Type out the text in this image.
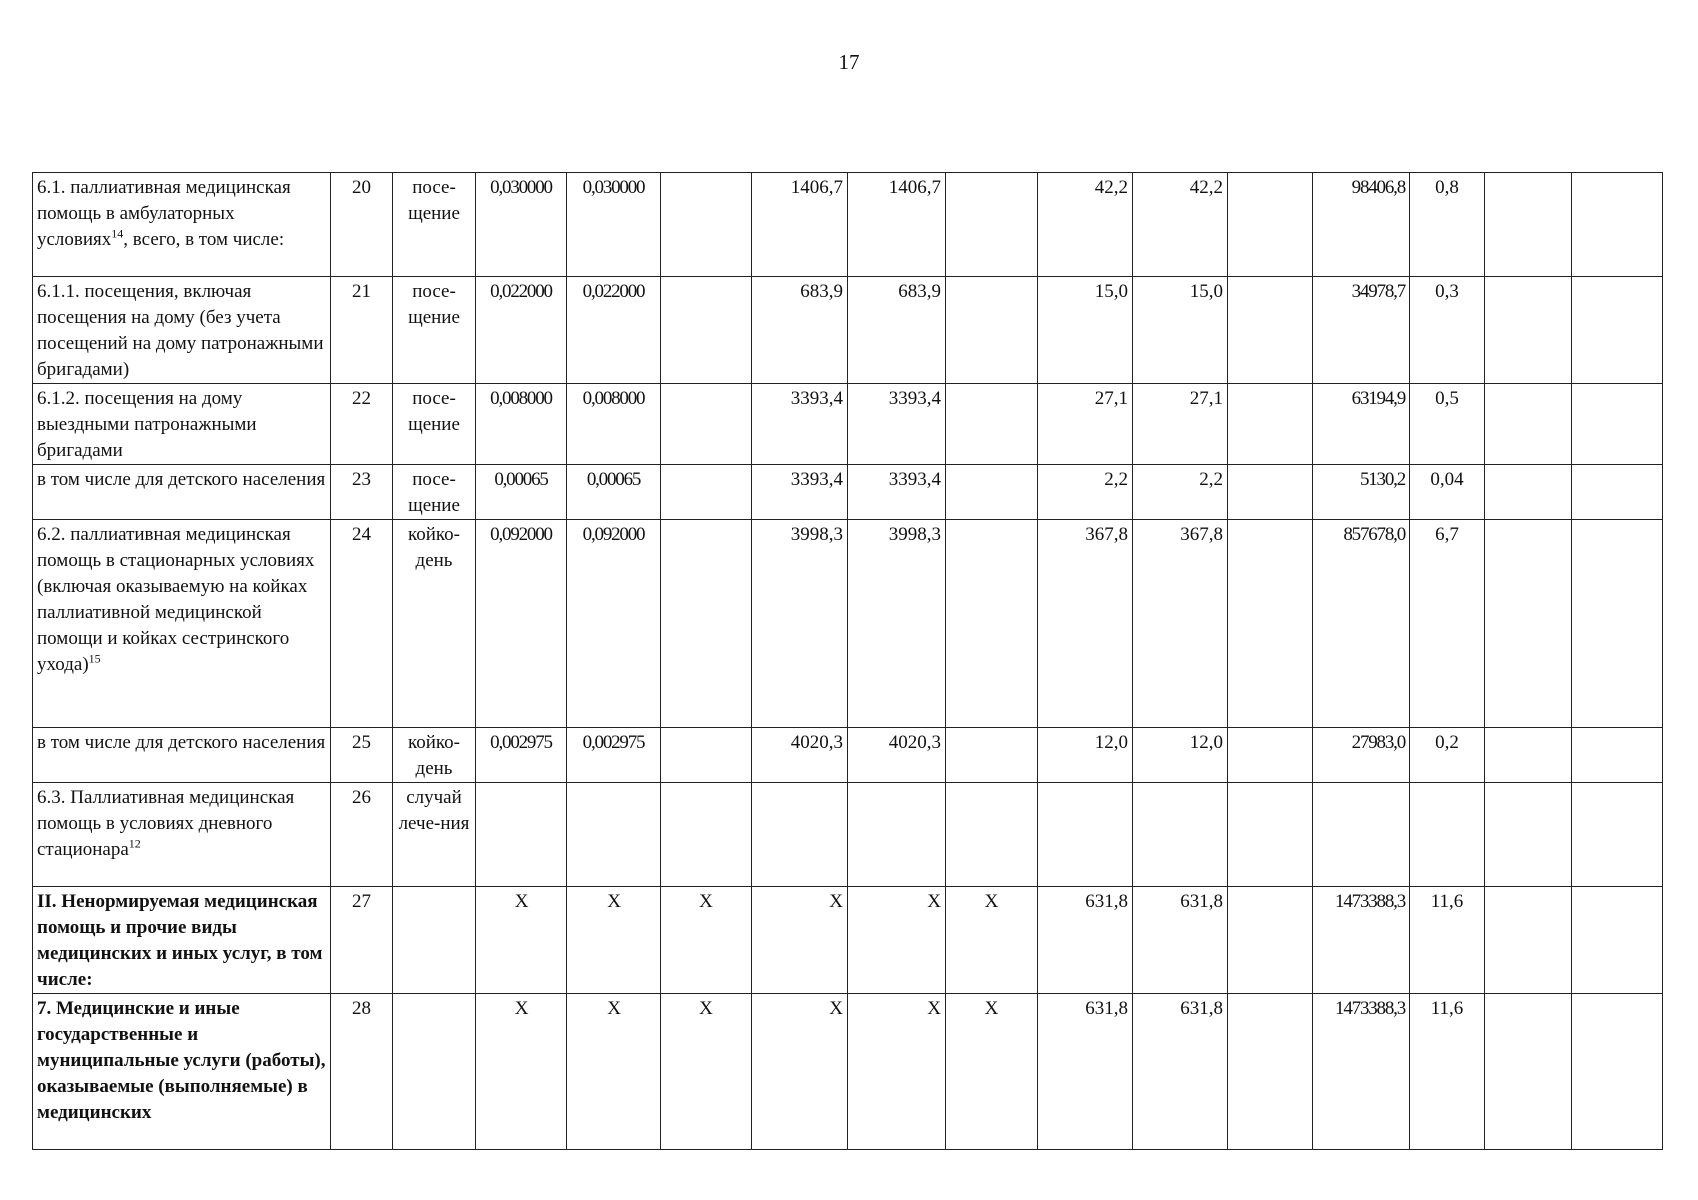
17
6.1. паллиативная медицинская помощь в амбулаторных условиях$^{14}$, всего, в том числе:	20	посе-щение	0,030000	0,030000		1406,7	1406,7		42,2	42,2		98406,8	0,8		
6.1.1. посещения, включая посещения на дому (без учета посещений на дому патронажными бригадами)	21	посе-щение	0,022000	0,022000		683,9	683,9		15,0	15,0		34978,7	0,3		
6.1.2. посещения на дому выездными патронажными бригадами	22	посе-щение	0,008000	0,008000		3393,4	3393,4		27,1	27,1		63194,9	0,5		
в том числе для детского населения	23	посе-щение	0,00065	0,00065		3393,4	3393,4		2,2	2,2		5130,2	0,04		
6.2. паллиативная медицинская помощь в стационарных условиях (включая оказываемую на койках паллиативной медицинской помощи и койках сестринского ухода)$^{15}$	24	койко-день	0,092000	0,092000		3998,3	3998,3		367,8	367,8		857678,0	6,7		
в том числе для детского населения	25	койко-день	0,002975	0,002975		4020,3	4020,3		12,0	12,0		27983,0	0,2		
6.3. Паллиативная медицинская помощь в условиях дневного стационара$^{12}$	26	случай лече-ния													
II. Ненормируемая медицинская помощь и прочие виды медицинских и иных услуг, в том числе:	27		X	X	X	X	X	X	631,8	631,8		1473388,3	11,6		
7. Медицинские и иные государственные и муниципальные услуги (работы), оказываемые (выполняемые) в медицинских	28		X	X	X	X	X	X	631,8	631,8		1473388,3	11,6		
